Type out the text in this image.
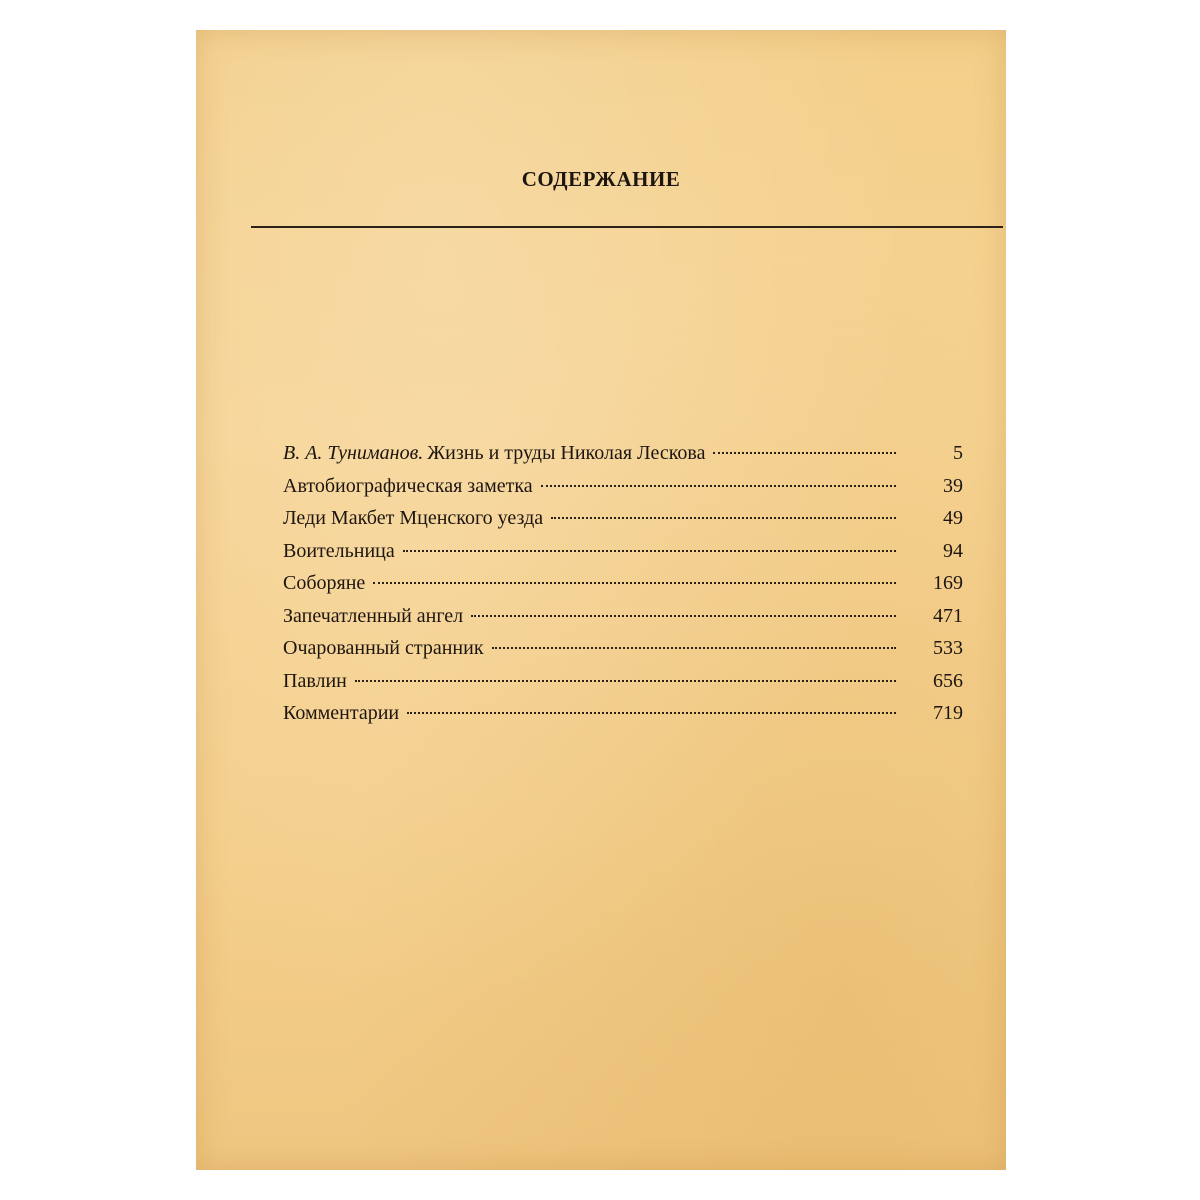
СОДЕРЖАНИЕ
В. А. Туниманов. Жизнь и труды Николая Лескова	5
Автобиографическая заметка	39
Леди Макбет Мценского уезда	49
Воительница	94
Соборяне	169
Запечатленный ангел	471
Очарованный странник	533
Павлин	656
Комментарии	719
